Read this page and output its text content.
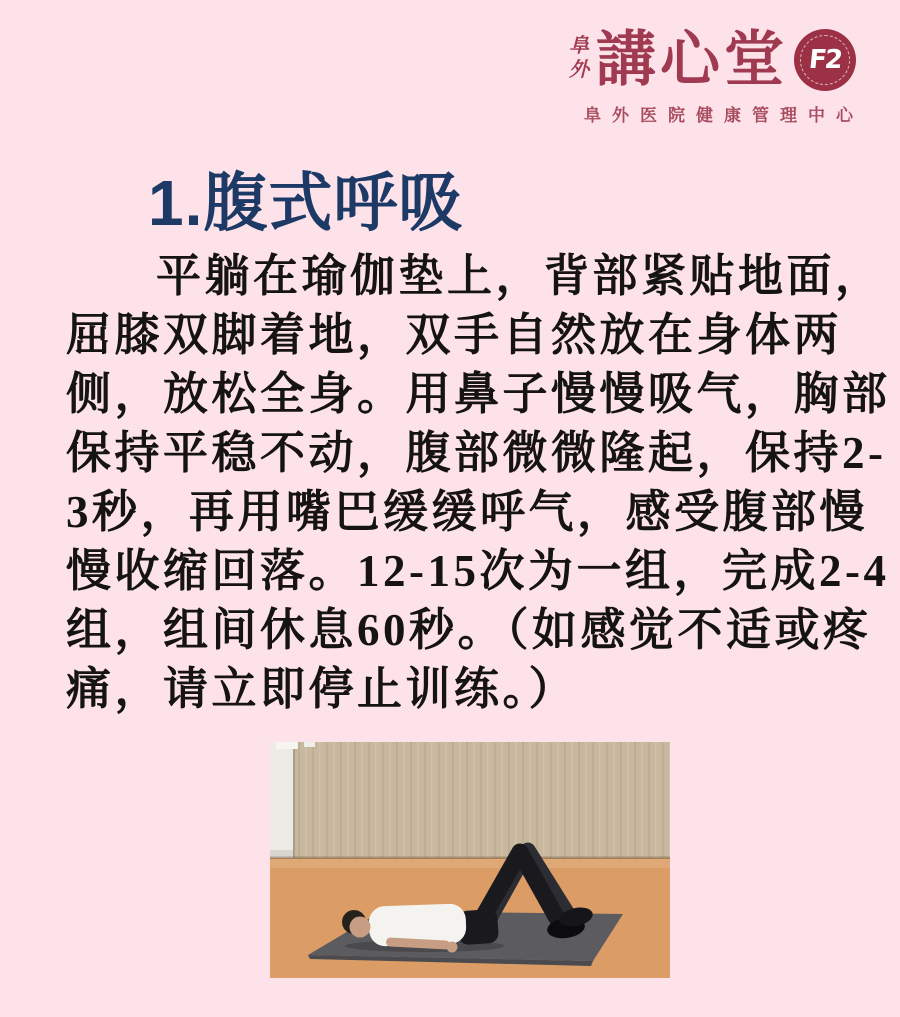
阜
外 講心堂 F2
阜外医院健康管理中心
1.腹式呼吸
平躺在瑜伽垫上，背部紧贴地面，
屈膝双脚着地，双手自然放在身体两
侧，放松全身。用鼻子慢慢吸气，胸部
保持平稳不动，腹部微微隆起，保持2-
3秒，再用嘴巴缓缓呼气，感受腹部慢
慢收缩回落。12-15次为一组，完成2-4
组，组间休息60秒。（如感觉不适或疼
痛，请立即停止训练。）
